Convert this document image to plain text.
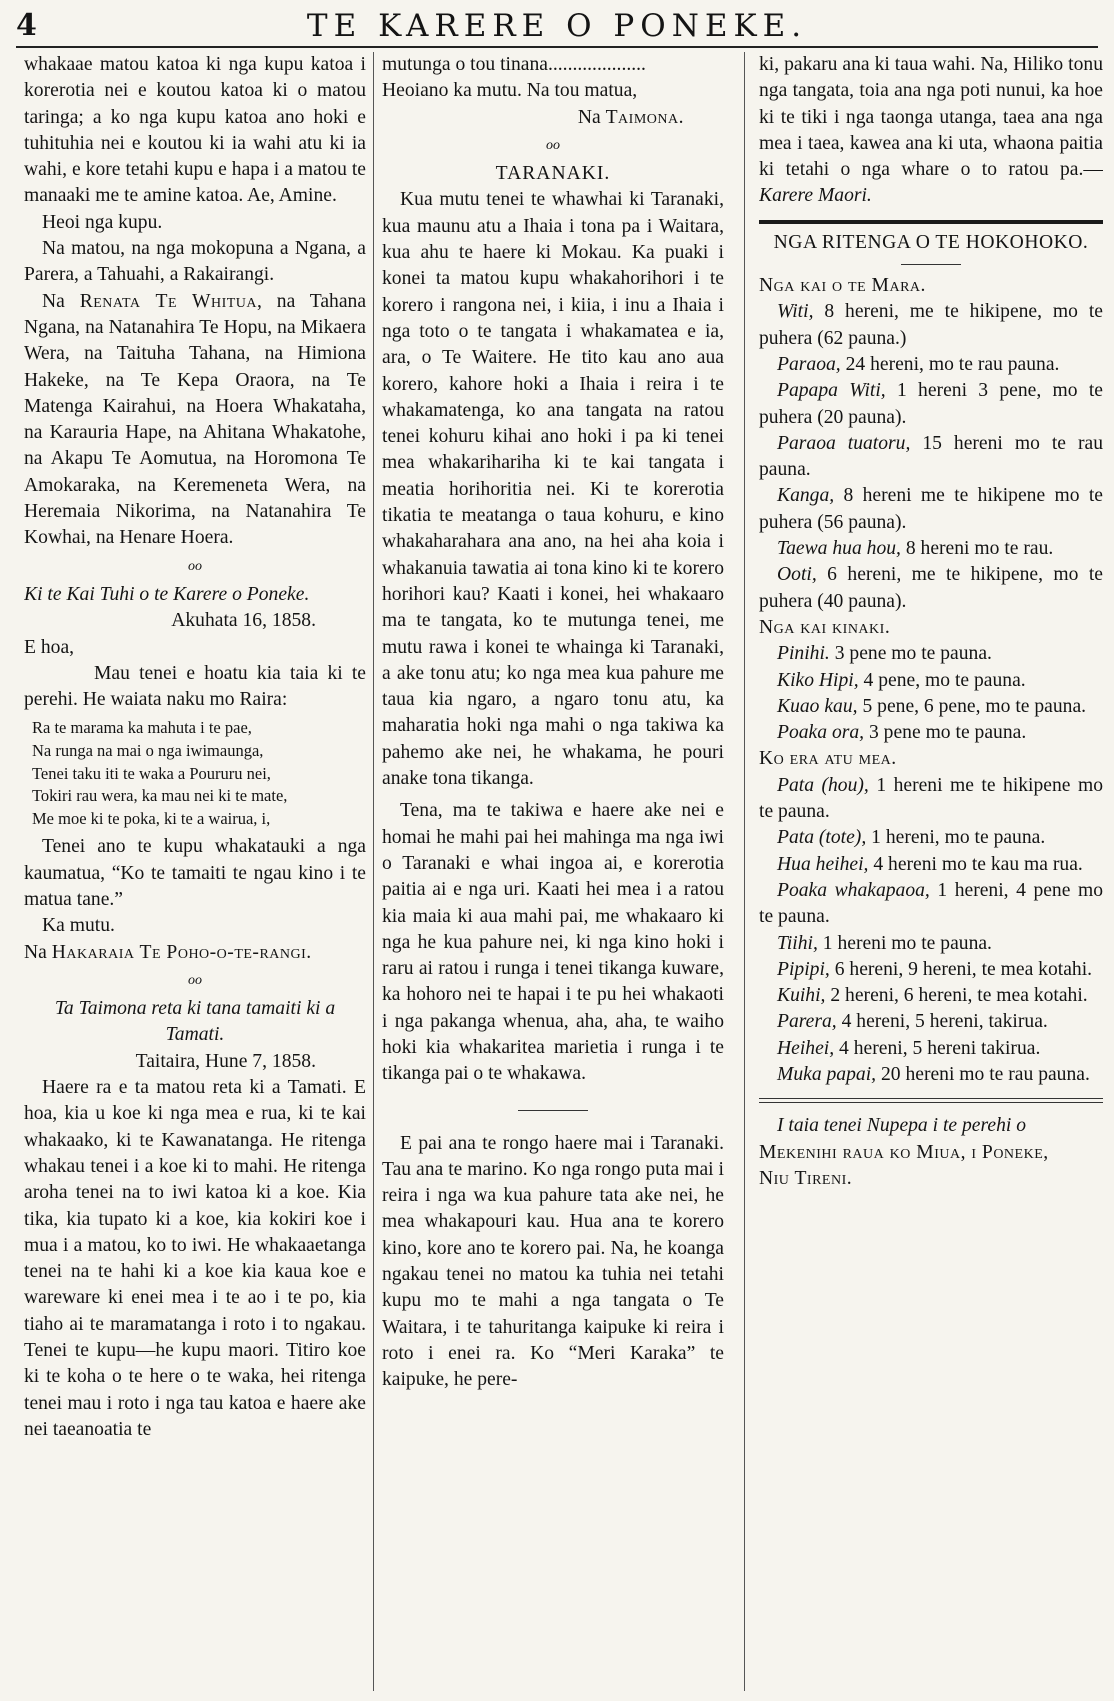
4	TE KARERE O PONEKE.

whakaae matou katoa ki nga kupu katoa i korerotia nei e koutou katoa ki o matou taringa; a ko nga kupu katoa ano hoki e tuhituhia nei e koutou ki ia wahi atu ki ia wahi, e kore tetahi kupu e hapa i a matou te manaaki me te amine katoa. Ae, Amine.

Heoi nga kupu.

Na matou, na nga mokopuna a Ngana, a Parera, a Tahuahi, a Rakairangi.

Na Renata Te Whitua, na Tahana Ngana, na Natanahira Te Hopu, na Mikaera Wera, na Taituha Tahana, na Himiona Hakeke, na Te Kepa Oraora, na Te Matenga Kairahui, na Hoera Whakataha, na Karauria Hape, na Ahitana Whakatohe, na Akapu Te Aomutua, na Horomona Te Amokaraka, na Keremeneta Wera, na Heremaia Nikorima, na Natanahira Te Kowhai, na Henare Hoera.

oo

Ki te Kai Tuhi o te Karere o Poneke.

Akuhata 16, 1858.

E hoa,

Mau tenei e hoatu kia taia ki te perehi. He waiata naku mo Raira:

Ra te marama ka mahuta i te pae,
Na runga na mai o nga iwimaunga,
Tenei taku iti te waka a Poururu nei,
Tokiri rau wera, ka mau nei ki te mate,
Me moe ki te poka, ki te a wairua, i,

Tenei ano te kupu whakatauki a nga kaumatua, “Ko te tamaiti te ngau kino i te matua tane.”

Ka mutu.

Na Hakaraia Te Poho-o-te-rangi.

oo

Ta Taimona reta ki tana tamaiti ki a Tamati.

Taitaira, Hune 7, 1858.

Haere ra e ta matou reta ki a Tamati. E hoa, kia u koe ki nga mea e rua, ki te kai whakaako, ki te Kawanatanga. He ritenga whakau tenei i a koe ki to mahi. He ritenga aroha tenei na to iwi katoa ki a koe. Kia tika, kia tupato ki a koe, kia kokiri koe i mua i a matou, ko to iwi. He whakaaetanga tenei na te hahi ki a koe kia kaua koe e wareware ki enei mea i te ao i te po, kia tiaho ai te maramatanga i roto i to ngakau. Tenei te kupu—he kupu maori. Titiro koe ki te koha o te here o te waka, hei ritenga tenei mau i roto i nga tau katoa e haere ake nei taeanoatia te

mutunga o tou tinana....................

Heoiano ka mutu. Na tou matua,

Na Taimona.

oo

TARANAKI.

Kua mutu tenei te whawhai ki Taranaki, kua maunu atu a Ihaia i tona pa i Waitara, kua ahu te haere ki Mokau. Ka puaki i konei ta matou kupu whakahorihori i te korero i rangona nei, i kiia, i inu a Ihaia i nga toto o te tangata i whakamatea e ia, ara, o Te Waitere. He tito kau ano aua korero, kahore hoki a Ihaia i reira i te whakamatenga, ko ana tangata na ratou tenei kohuru kihai ano hoki i pa ki tenei mea whakarihariha ki te kai tangata i meatia horihoritia nei. Ki te korerotia tikatia te meatanga o taua kohuru, e kino whakaharahara ana ano, na hei aha koia i whakanuia tawatia ai tona kino ki te korero horihori kau? Kaati i konei, hei whakaaro ma te tangata, ko te mutunga tenei, me mutu rawa i konei te whainga ki Taranaki, a ake tonu atu; ko nga mea kua pahure me taua kia ngaro, a ngaro tonu atu, ka maharatia hoki nga mahi o nga takiwa ka pahemo ake nei, he whakama, he pouri anake tona tikanga.

Tena, ma te takiwa e haere ake nei e homai he mahi pai hei mahinga ma nga iwi o Taranaki e whai ingoa ai, e korerotia paitia ai e nga uri. Kaati hei mea i a ratou kia maia ki aua mahi pai, me whakaaro ki nga he kua pahure nei, ki nga kino hoki i raru ai ratou i runga i tenei tikanga kuware, ka hohoro nei te hapai i te pu hei whakaoti i nga pakanga whenua, aha, aha, te waiho hoki kia whakaritea marietia i runga i te tikanga pai o te whakawa.

E pai ana te rongo haere mai i Taranaki. Tau ana te marino. Ko nga rongo puta mai i reira i nga wa kua pahure tata ake nei, he mea whakapouri kau. Hua ana te korero kino, kore ano te korero pai. Na, he koanga ngakau tenei no matou ka tuhia nei tetahi kupu mo te mahi a nga tangata o Te Waitara, i te tahuritanga kaipuke ki reira i roto i enei ra. Ko “Meri Karaka” te kaipuke, he pere-

ki, pakaru ana ki taua wahi. Na, Hiliko tonu nga tangata, toia ana nga poti nunui, ka hoe ki te tiki i nga taonga utanga, taea ana nga mea i taea, kawea ana ki uta, whaona paitia ki tetahi o nga whare o to ratou pa.— Karere Maori.

NGA RITENGA O TE HOKOHOKO.

Nga kai o te Mara.

Witi, 8 hereni, me te hikipene, mo te puhera (62 pauna.)

Paraoa, 24 hereni, mo te rau pauna.

Papapa Witi, 1 hereni 3 pene, mo te puhera (20 pauna).

Paraoa tuatoru, 15 hereni mo te rau pauna.

Kanga, 8 hereni me te hikipene mo te puhera (56 pauna).

Taewa hua hou, 8 hereni mo te rau.

Ooti, 6 hereni, me te hikipene, mo te puhera (40 pauna).

Nga kai kinaki.

Pinihi. 3 pene mo te pauna.

Kiko Hipi, 4 pene, mo te pauna.

Kuao kau, 5 pene, 6 pene, mo te pauna.

Poaka ora, 3 pene mo te pauna.

Ko era atu mea.

Pata (hou), 1 hereni me te hikipene mo te pauna.

Pata (tote), 1 hereni, mo te pauna.

Hua heihei, 4 hereni mo te kau ma rua.

Poaka whakapaoa, 1 hereni, 4 pene mo te pauna.

Tiihi, 1 hereni mo te pauna.

Pipipi, 6 hereni, 9 hereni, te mea kotahi.

Kuihi, 2 hereni, 6 hereni, te mea kotahi.

Parera, 4 hereni, 5 hereni, takirua.

Heihei, 4 hereni, 5 hereni takirua.

Muka papai, 20 hereni mo te rau pauna.

I taia tenei Nupepa i te perehi o

Mekenihi raua ko Miua, i Poneke,

Niu Tireni.
